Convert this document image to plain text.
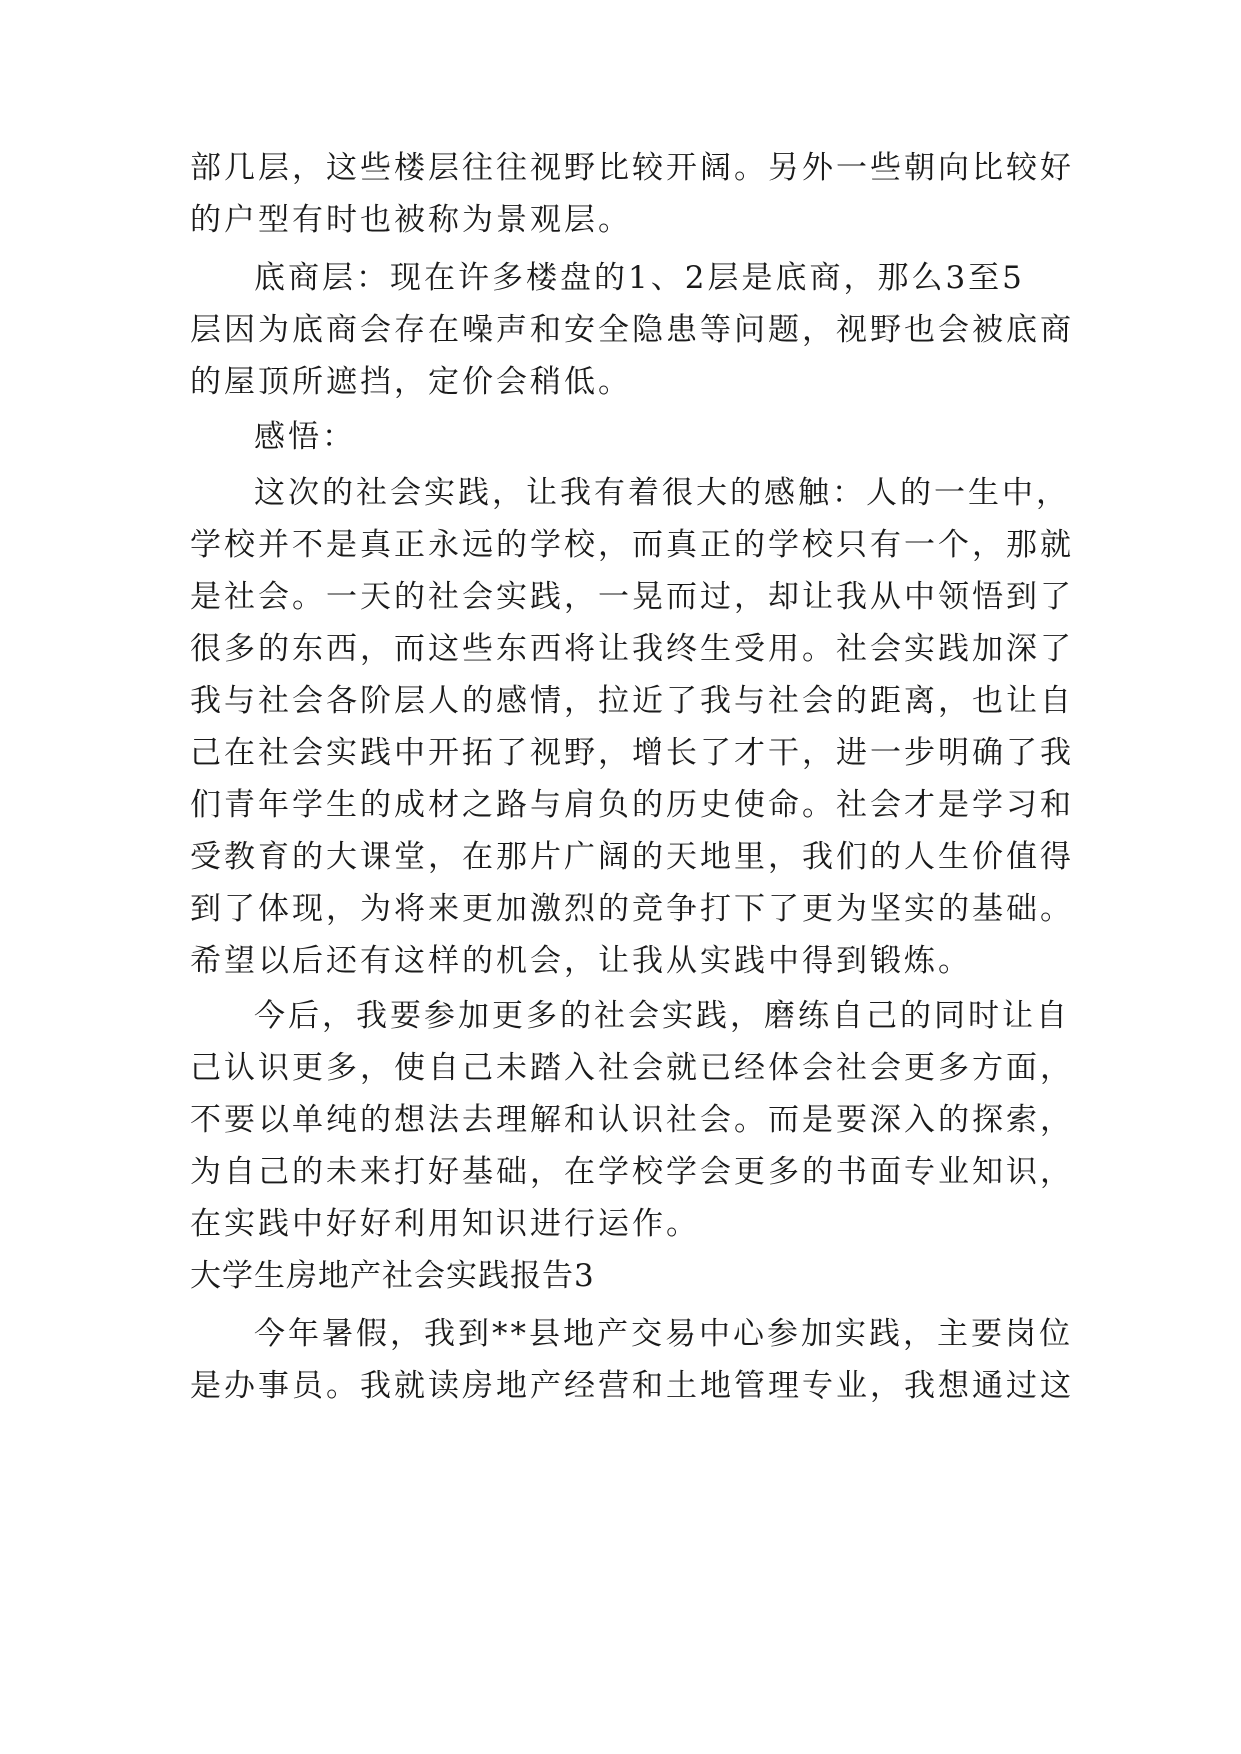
部几层，这些楼层往往视野比较开阔。另外一些朝向比较好
的户型有时也被称为景观层。
底商层：现在许多楼盘的1、2层是底商，那么3至5
层因为底商会存在噪声和安全隐患等问题，视野也会被底商
的屋顶所遮挡，定价会稍低。
感悟：
这次的社会实践，让我有着很大的感触：人的一生中，
学校并不是真正永远的学校，而真正的学校只有一个，那就
是社会。一天的社会实践，一晃而过，却让我从中领悟到了
很多的东西，而这些东西将让我终生受用。社会实践加深了
我与社会各阶层人的感情，拉近了我与社会的距离，也让自
己在社会实践中开拓了视野，增长了才干，进一步明确了我
们青年学生的成材之路与肩负的历史使命。社会才是学习和
受教育的大课堂，在那片广阔的天地里，我们的人生价值得
到了体现，为将来更加激烈的竞争打下了更为坚实的基础。
希望以后还有这样的机会，让我从实践中得到锻炼。
今后，我要参加更多的社会实践，磨练自己的同时让自
己认识更多，使自己未踏入社会就已经体会社会更多方面，
不要以单纯的想法去理解和认识社会。而是要深入的探索，
为自己的未来打好基础，在学校学会更多的书面专业知识，
在实践中好好利用知识进行运作。
大学生房地产社会实践报告3
今年暑假，我到**县地产交易中心参加实践，主要岗位
是办事员。我就读房地产经营和土地管理专业，我想通过这
